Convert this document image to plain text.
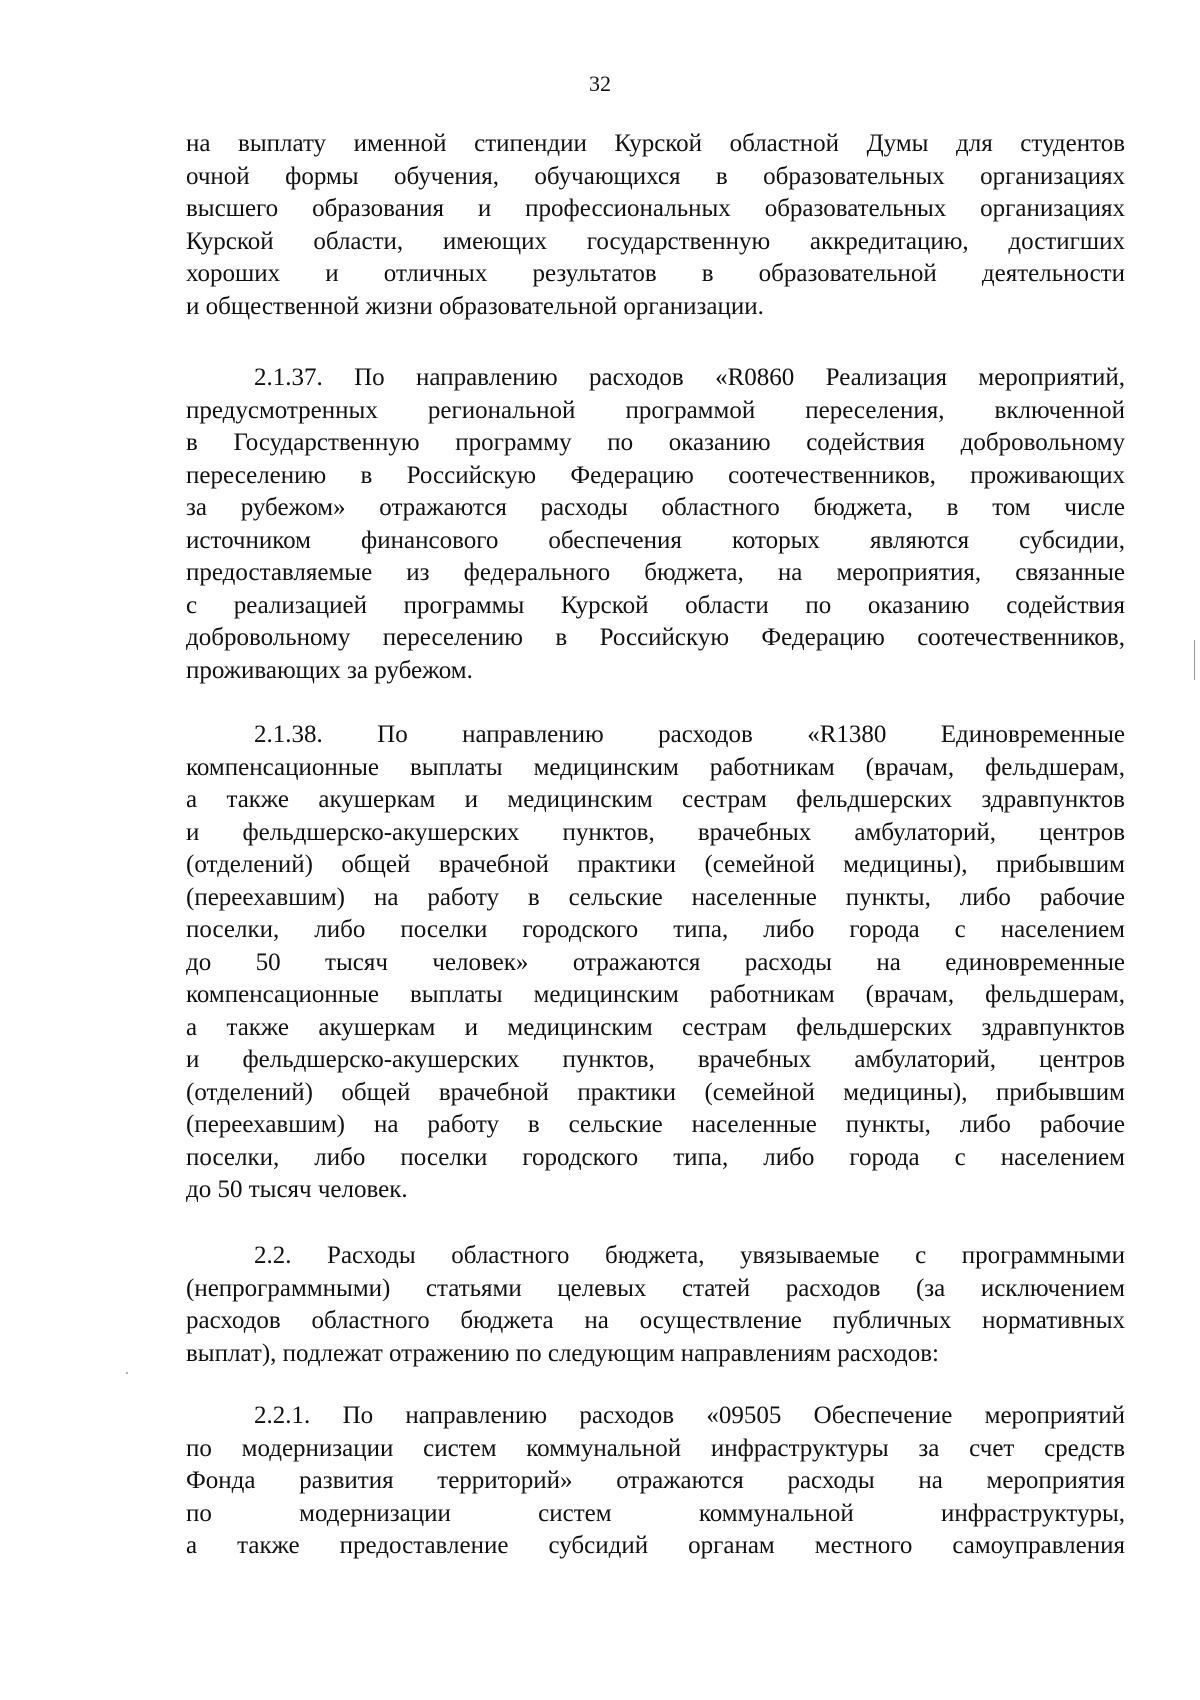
32
на выплату именной стипендии Курской областной Думы для студентов
очной формы обучения, обучающихся в образовательных организациях
высшего образования и профессиональных образовательных организациях
Курской области, имеющих государственную аккредитацию, достигших
хороших и отличных результатов в образовательной деятельности
и общественной жизни образовательной организации.
2.1.37. По направлению расходов «R0860 Реализация мероприятий,
предусмотренных региональной программой переселения, включенной
в Государственную программу по оказанию содействия добровольному
переселению в Российскую Федерацию соотечественников, проживающих
за рубежом» отражаются расходы областного бюджета, в том числе
источником финансового обеспечения которых являются субсидии,
предоставляемые из федерального бюджета, на мероприятия, связанные
с реализацией программы Курской области по оказанию содействия
добровольному переселению в Российскую Федерацию соотечественников,
проживающих за рубежом.
2.1.38. По направлению расходов «R1380 Единовременные
компенсационные выплаты медицинским работникам (врачам, фельдшерам,
а также акушеркам и медицинским сестрам фельдшерских здравпунктов
и фельдшерско-акушерских пунктов, врачебных амбулаторий, центров
(отделений) общей врачебной практики (семейной медицины), прибывшим
(переехавшим) на работу в сельские населенные пункты, либо рабочие
поселки, либо поселки городского типа, либо города с населением
до 50 тысяч человек» отражаются расходы на единовременные
компенсационные выплаты медицинским работникам (врачам, фельдшерам,
а также акушеркам и медицинским сестрам фельдшерских здравпунктов
и фельдшерско-акушерских пунктов, врачебных амбулаторий, центров
(отделений) общей врачебной практики (семейной медицины), прибывшим
(переехавшим) на работу в сельские населенные пункты, либо рабочие
поселки, либо поселки городского типа, либо города с населением
до 50 тысяч человек.
2.2. Расходы областного бюджета, увязываемые с программными
(непрограммными) статьями целевых статей расходов (за исключением
расходов областного бюджета на осуществление публичных нормативных
выплат), подлежат отражению по следующим направлениям расходов:
2.2.1. По направлению расходов «09505 Обеспечение мероприятий
по модернизации систем коммунальной инфраструктуры за счет средств
Фонда развития территорий» отражаются расходы на мероприятия
по модернизации систем коммунальной инфраструктуры,
а также предоставление субсидий органам местного самоуправления
